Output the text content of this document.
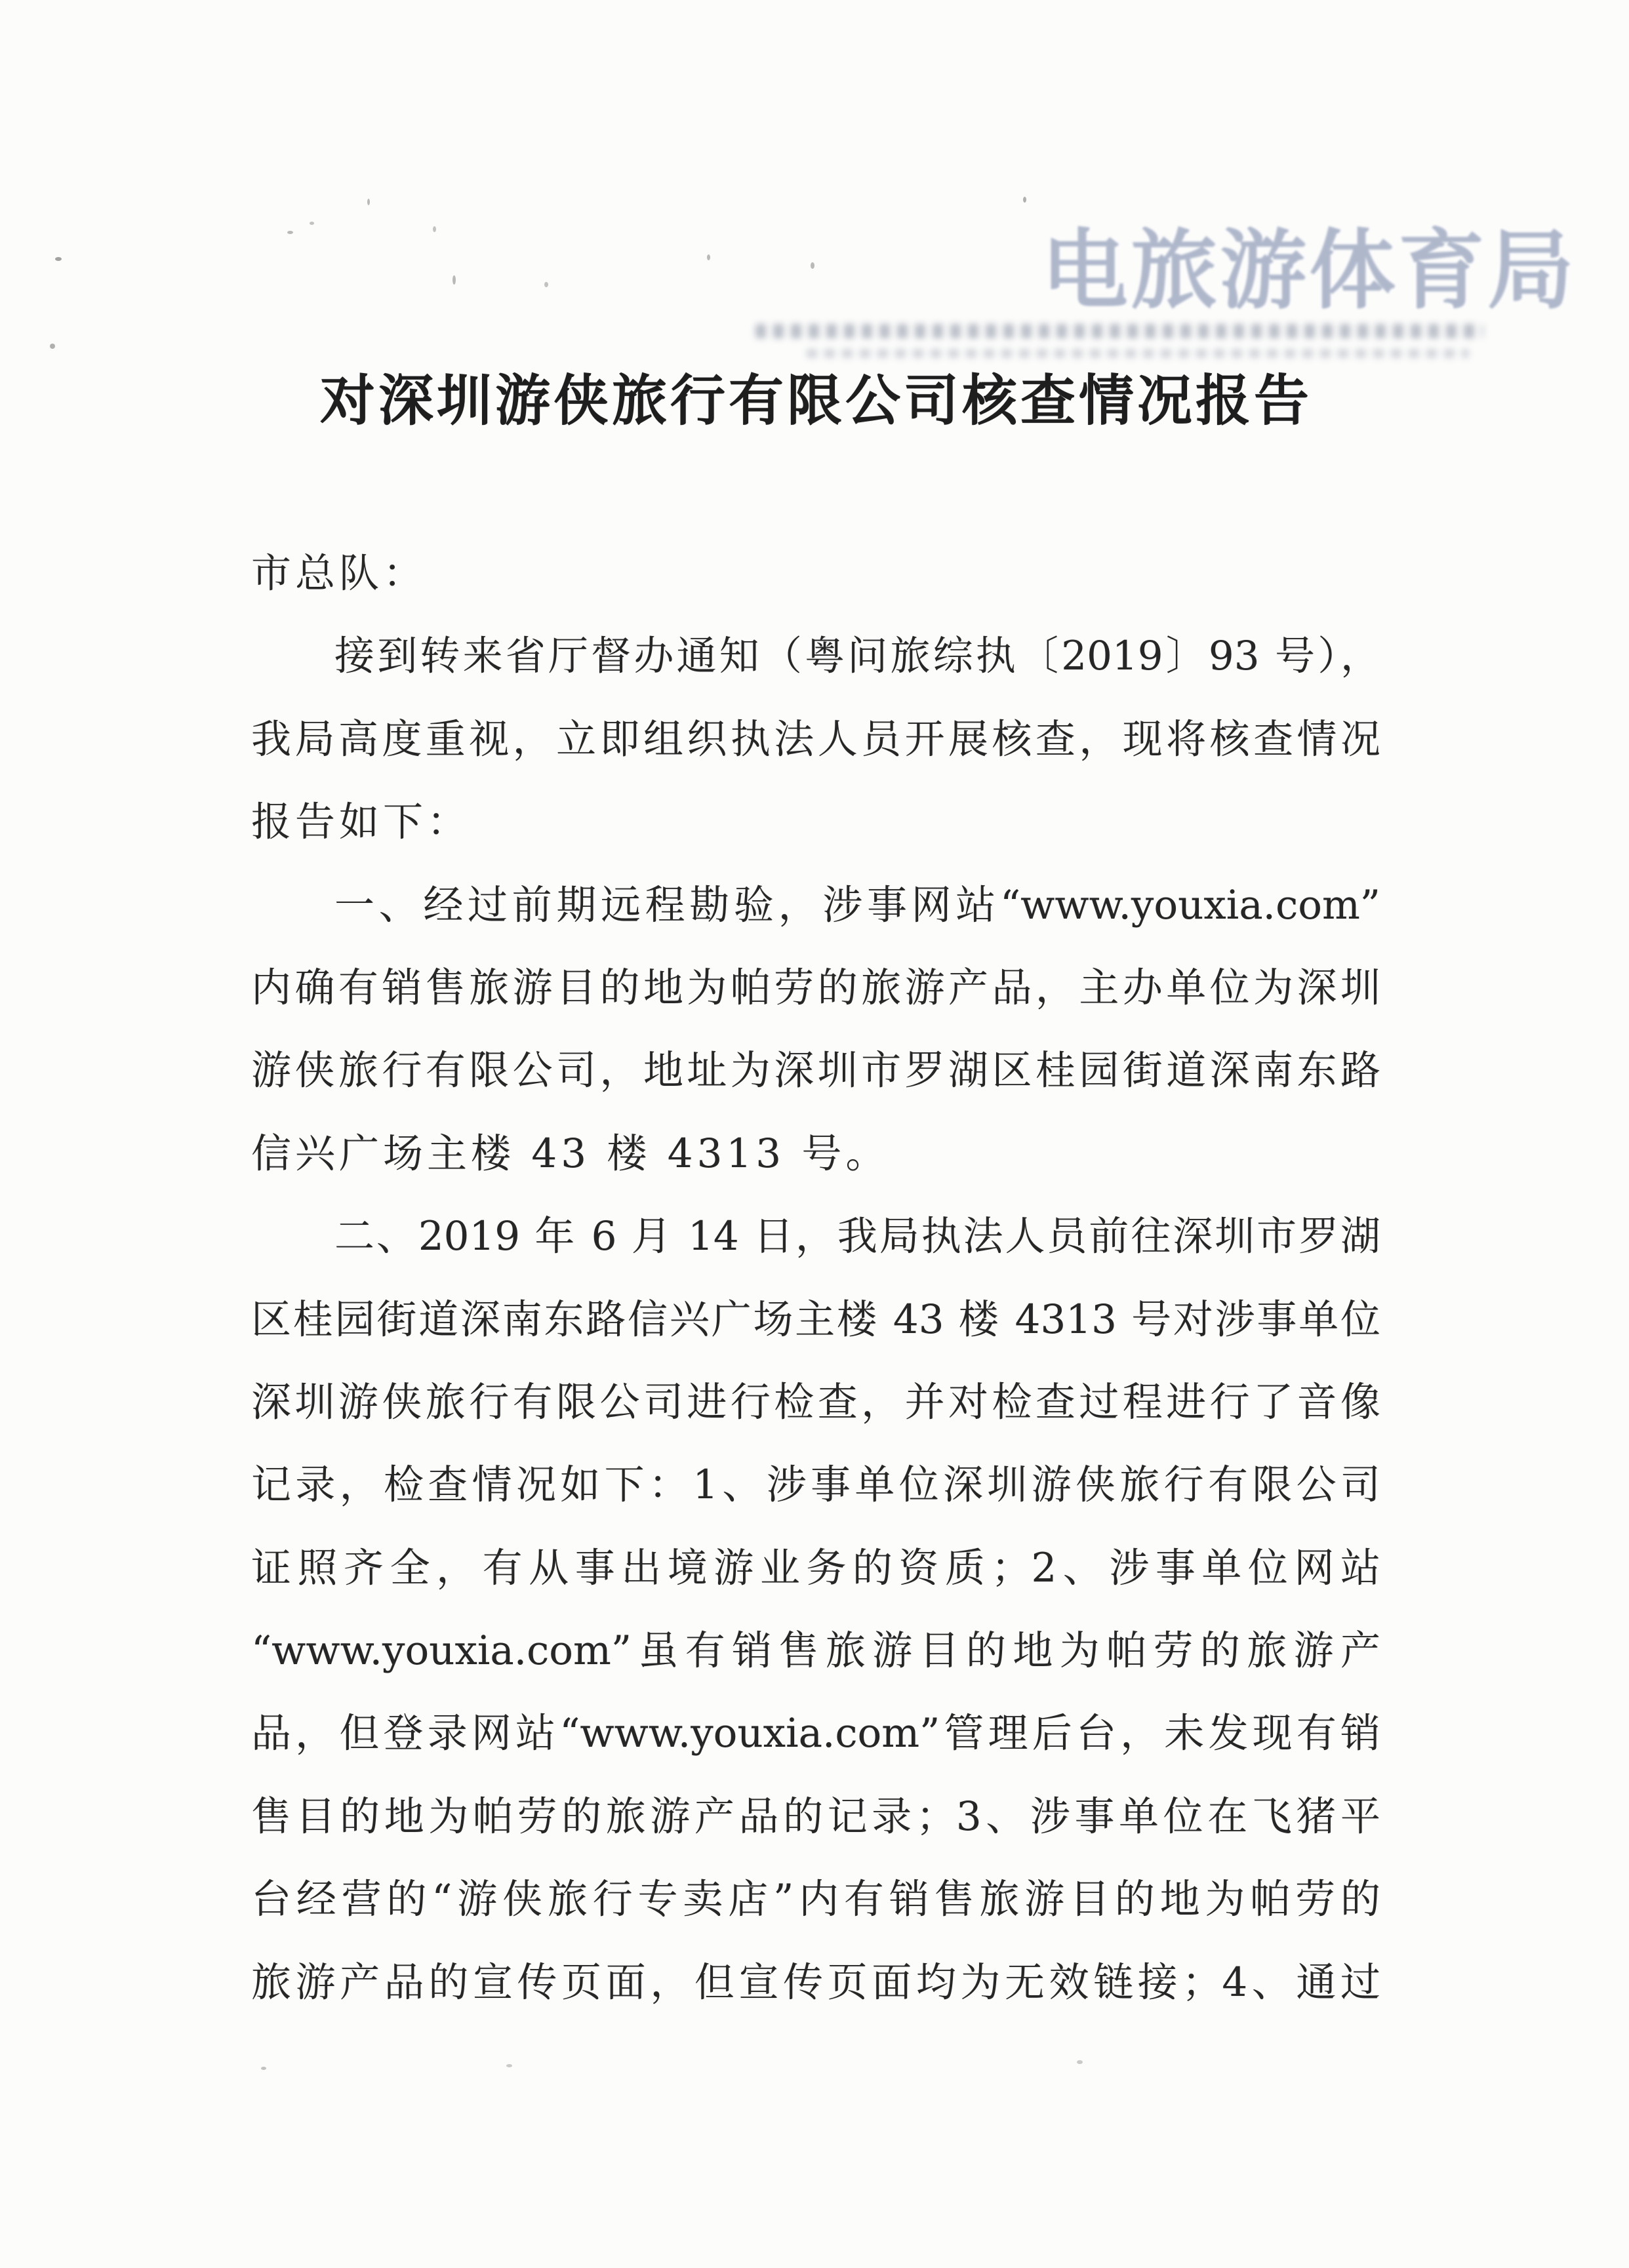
电旅游体育局
对深圳游侠旅行有限公司核查情况报告
市总队：
接到转来省厅督办通知（粤问旅综执〔2019〕93 号），
我局高度重视，立即组织执法人员开展核查，现将核查情况
报告如下：
一、经过前期远程勘验，涉事网站“www.youxia.com”
内确有销售旅游目的地为帕劳的旅游产品，主办单位为深圳
游侠旅行有限公司，地址为深圳市罗湖区桂园街道深南东路
信兴广场主楼 43 楼 4313 号。
二、2019 年 6 月 14 日，我局执法人员前往深圳市罗湖
区桂园街道深南东路信兴广场主楼 43 楼 4313 号对涉事单位
深圳游侠旅行有限公司进行检查，并对检查过程进行了音像
记录，检查情况如下：1、涉事单位深圳游侠旅行有限公司
证照齐全，有从事出境游业务的资质；2、涉事单位网站
“www.youxia.com”虽有销售旅游目的地为帕劳的旅游产
品，但登录网站“www.youxia.com”管理后台，未发现有销
售目的地为帕劳的旅游产品的记录；3、涉事单位在飞猪平
台经营的“游侠旅行专卖店”内有销售旅游目的地为帕劳的
旅游产品的宣传页面，但宣传页面均为无效链接；4、通过
